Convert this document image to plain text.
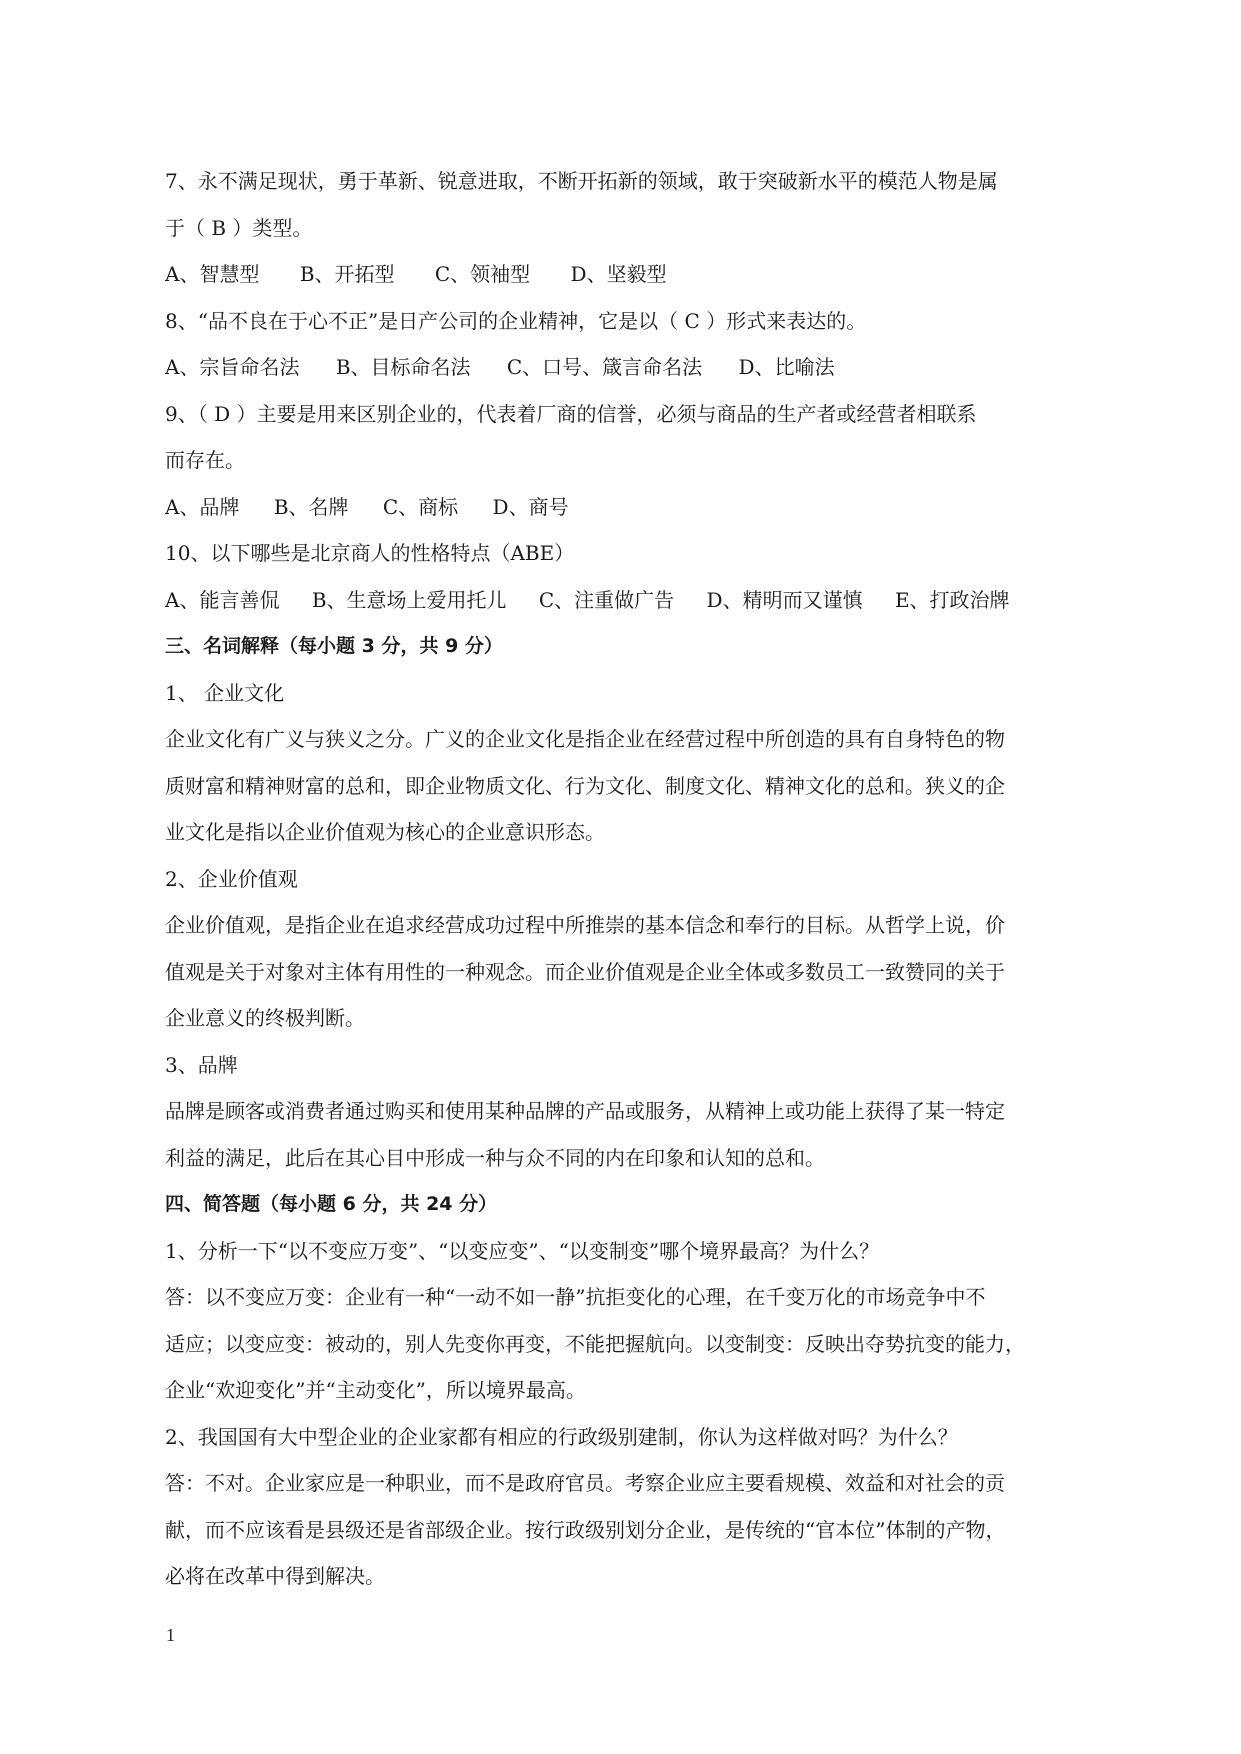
7、永不满足现状，勇于革新、锐意进取，不断开拓新的领域，敢于突破新水平的模范人物是属
于（ B ）类型。
A、智慧型 B、开拓型 C、领袖型 D、坚毅型
8、“品不良在于心不正”是日产公司的企业精神，它是以（ C ）形式来表达的。
A、宗旨命名法 B、目标命名法 C、口号、箴言命名法 D、比喻法
9、（ D ）主要是用来区别企业的，代表着厂商的信誉，必须与商品的生产者或经营者相联系
而存在。
A、品牌 B、名牌 C、商标 D、商号
10、以下哪些是北京商人的性格特点（ABE）
A、能言善侃 B、生意场上爱用托儿 C、注重做广告 D、精明而又谨慎 E、打政治牌
三、名词解释（每小题 3 分，共 9 分）
1、 企业文化
企业文化有广义与狭义之分。广义的企业文化是指企业在经营过程中所创造的具有自身特色的物
质财富和精神财富的总和，即企业物质文化、行为文化、制度文化、精神文化的总和。狭义的企
业文化是指以企业价值观为核心的企业意识形态。
2、企业价值观
企业价值观，是指企业在追求经营成功过程中所推崇的基本信念和奉行的目标。从哲学上说，价
值观是关于对象对主体有用性的一种观念。而企业价值观是企业全体或多数员工一致赞同的关于
企业意义的终极判断。
3、品牌
品牌是顾客或消费者通过购买和使用某种品牌的产品或服务，从精神上或功能上获得了某一特定
利益的满足，此后在其心目中形成一种与众不同的内在印象和认知的总和。
四、简答题（每小题 6 分，共 24 分）
1、分析一下“以不变应万变”、“以变应变”、“以变制变”哪个境界最高？为什么？
答：以不变应万变：企业有一种“一动不如一静”抗拒变化的心理，在千变万化的市场竞争中不
适应；以变应变：被动的，别人先变你再变，不能把握航向。以变制变：反映出夺势抗变的能力，
企业“欢迎变化”并“主动变化”，所以境界最高。
2、我国国有大中型企业的企业家都有相应的行政级别建制，你认为这样做对吗？为什么？
答：不对。企业家应是一种职业，而不是政府官员。考察企业应主要看规模、效益和对社会的贡
献，而不应该看是县级还是省部级企业。按行政级别划分企业，是传统的“官本位”体制的产物，
必将在改革中得到解决。
1
